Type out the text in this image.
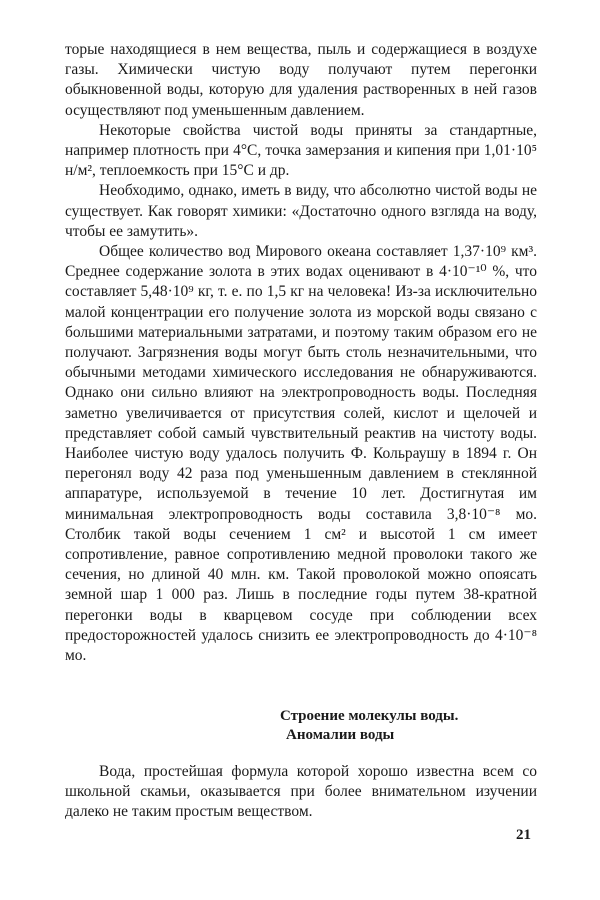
торые находящиеся в нем вещества, пыль и содержащиеся в воздухе газы. Химически чистую воду получают путем перегонки обыкновенной воды, которую для удаления растворенных в ней газов осуществляют под уменьшенным давлением.

Некоторые свойства чистой воды приняты за стандартные, например плотность при 4°С, точка замерзания и кипения при 1,01·10⁵ н/м², теплоемкость при 15°С и др.

Необходимо, однако, иметь в виду, что абсолютно чистой воды не существует. Как говорят химики: «Достаточно одного взгляда на воду, чтобы ее замутить».

Общее количество вод Мирового океана составляет 1,37·10⁹ км³. Среднее содержание золота в этих водах оценивают в 4·10⁻¹⁰ %, что составляет 5,48·10⁹ кг, т. е. по 1,5 кг на человека! Из-за исключительно малой концентрации его получение золота из морской воды связано с большими материальными затратами, и поэтому таким образом его не получают. Загрязнения воды могут быть столь незначительными, что обычными методами химического исследования не обнаруживаются. Однако они сильно влияют на электропроводность воды. Последняя заметно увеличивается от присутствия солей, кислот и щелочей и представляет собой самый чувствительный реактив на чистоту воды. Наиболее чистую воду удалось получить Ф. Кольраушу в 1894 г. Он перегонял воду 42 раза под уменьшенным давлением в стеклянной аппаратуре, используемой в течение 10 лет. Достигнутая им минимальная электропроводность воды составила 3,8·10⁻⁸ мо. Столбик такой воды сечением 1 см² и высотой 1 см имеет сопротивление, равное сопротивлению медной проволоки такого же сечения, но длиной 40 млн. км. Такой проволокой можно опоясать земной шар 1 000 раз. Лишь в последние годы путем 38-кратной перегонки воды в кварцевом сосуде при соблюдении всех предосторожностей удалось снизить ее электропроводность до 4·10⁻⁸ мо.

Строение молекулы воды.
Аномалии воды

Вода, простейшая формула которой хорошо известна всем со школьной скамьи, оказывается при более внимательном изучении далеко не таким простым веществом.

21
